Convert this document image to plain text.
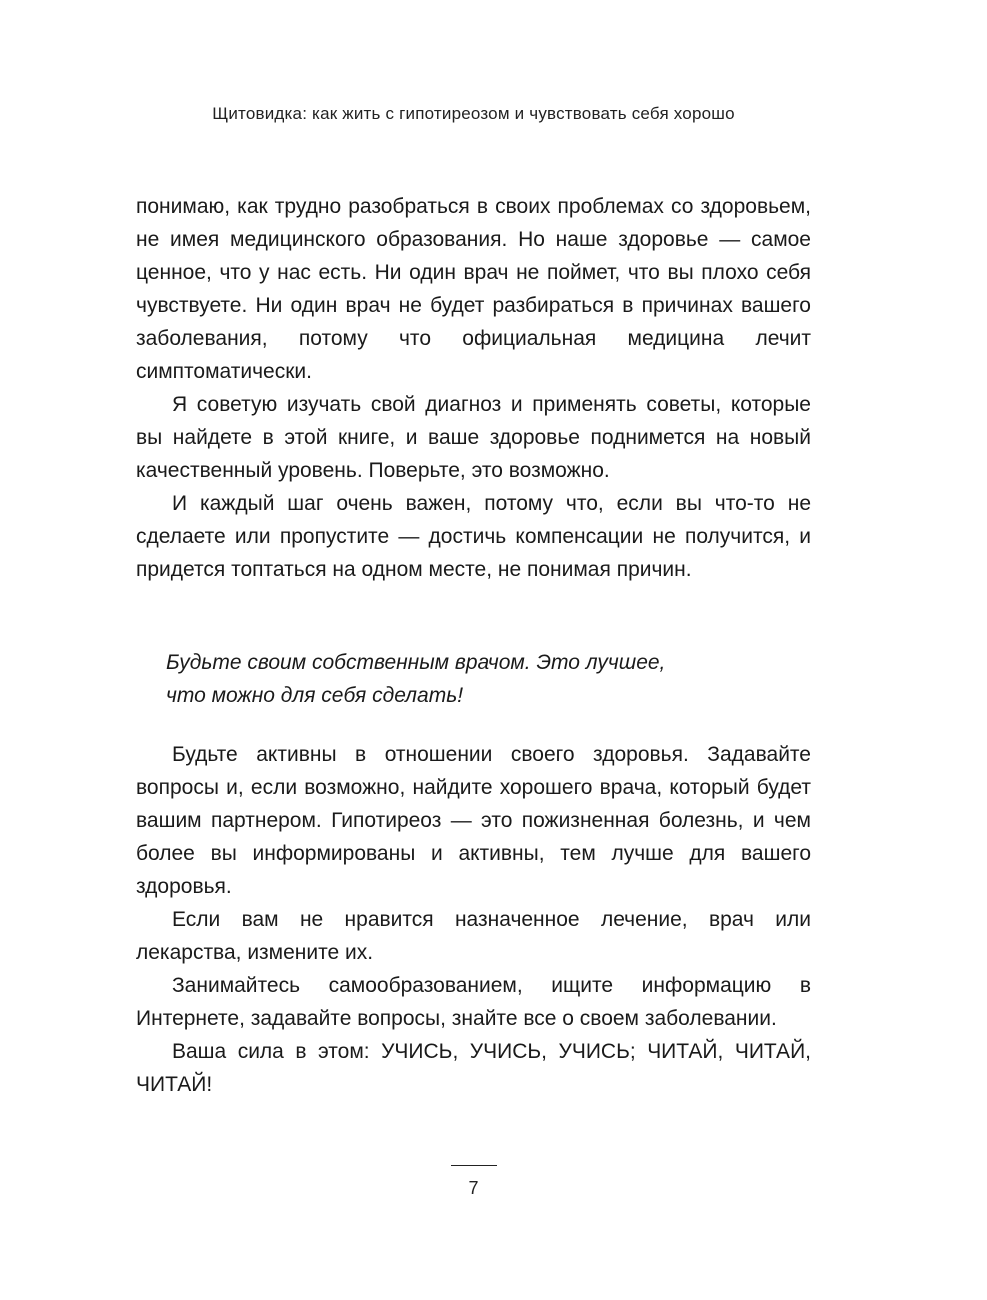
Щитовидка: как жить с гипотиреозом и чувствовать себя хорошо

понимаю, как трудно разобраться в своих проблемах со здоровьем, не имея медицинского образования. Но наше здоровье — самое ценное, что у нас есть. Ни один врач не поймет, что вы плохо себя чувствуете. Ни один врач не будет разбираться в причинах вашего заболевания, потому что официальная медицина лечит симптоматически.

Я советую изучать свой диагноз и применять советы, которые вы найдете в этой книге, и ваше здоровье поднимется на новый качественный уровень. Поверьте, это возможно.

И каждый шаг очень важен, потому что, если вы что-то не сделаете или пропустите — достичь компенсации не получится, и придется топтаться на одном месте, не понимая причин.

Будьте своим собственным врачом. Это лучшее,
что можно для себя сделать!

Будьте активны в отношении своего здоровья. Задавайте вопросы и, если возможно, найдите хорошего врача, который будет вашим партнером. Гипотиреоз — это пожизненная болезнь, и чем более вы информированы и активны, тем лучше для вашего здоровья.

Если вам не нравится назначенное лечение, врач или лекарства, измените их.

Занимайтесь самообразованием, ищите информацию в Интернете, задавайте вопросы, знайте все о своем заболевании.

Ваша сила в этом: УЧИСЬ, УЧИСЬ, УЧИСЬ; ЧИТАЙ, ЧИТАЙ, ЧИТАЙ!

7
